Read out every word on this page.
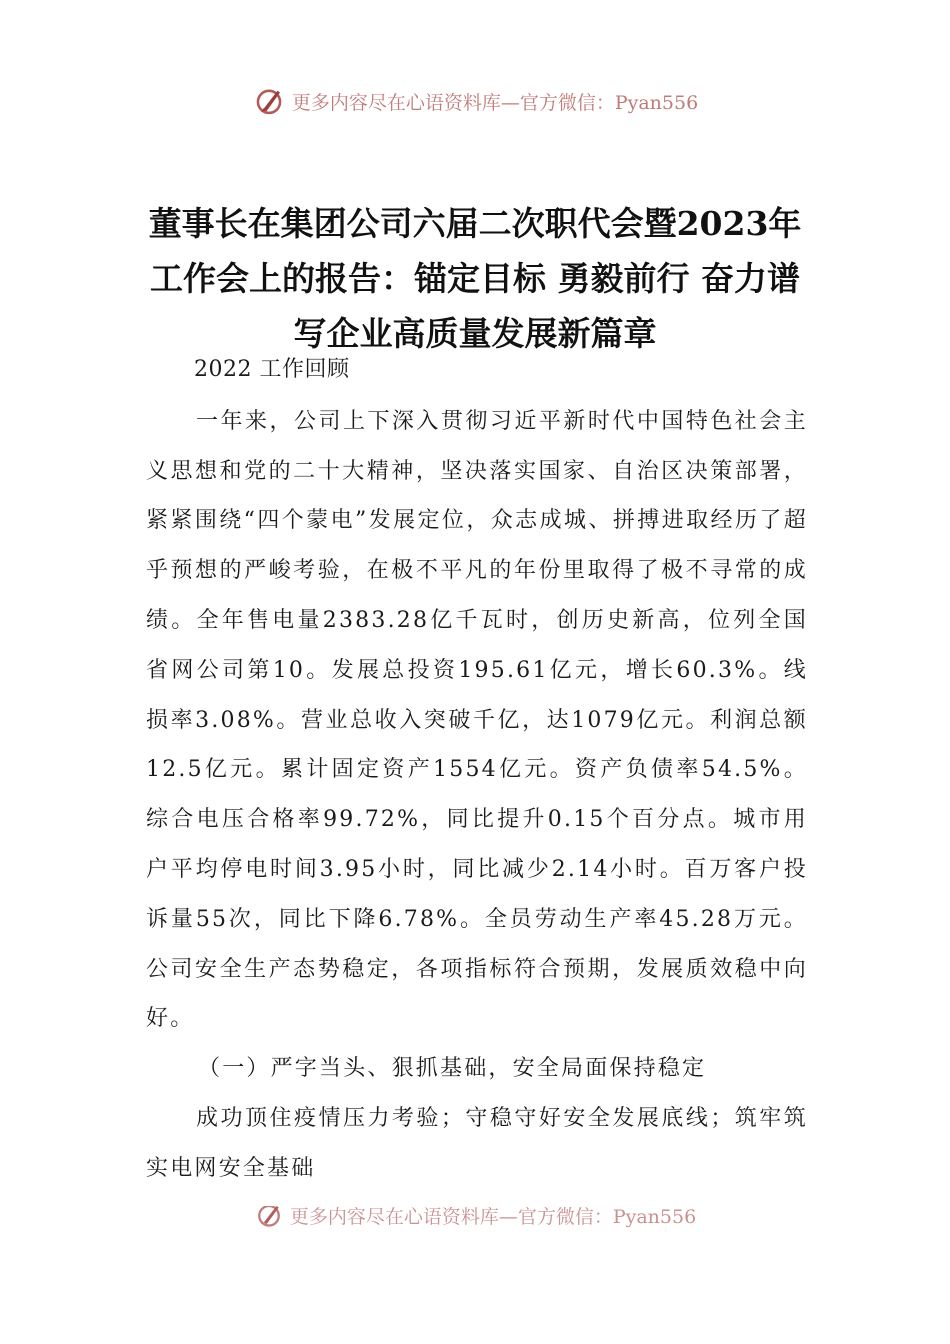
更多内容尽在心语资料库—官方微信：Pyan556
董事长在集团公司六届二次职代会暨2023年工作会上的报告：锚定目标 勇毅前行 奋力谱写企业高质量发展新篇章
2022 工作回顾

一年来，公司上下深入贯彻习近平新时代中国特色社会主义思想和党的二十大精神，坚决落实国家、自治区决策部署，紧紧围绕“四个蒙电”发展定位，众志成城、拼搏进取经历了超乎预想的严峻考验，在极不平凡的年份里取得了极不寻常的成绩。全年售电量2383.28亿千瓦时，创历史新高，位列全国省网公司第10。发展总投资195.61亿元，增长60.3%。线损率3.08%。营业总收入突破千亿，达1079亿元。利润总额12.5亿元。累计固定资产1554亿元。资产负债率54.5%。综合电压合格率99.72%，同比提升0.15个百分点。城市用户平均停电时间3.95小时，同比减少2.14小时。百万客户投诉量55次，同比下降6.78%。全员劳动生产率45.28万元。公司安全生产态势稳定，各项指标符合预期，发展质效稳中向好。

（一）严字当头、狠抓基础，安全局面保持稳定

成功顶住疫情压力考验；守稳守好安全发展底线；筑牢筑实电网安全基础

更多内容尽在心语资料库—官方微信：Pyan556
